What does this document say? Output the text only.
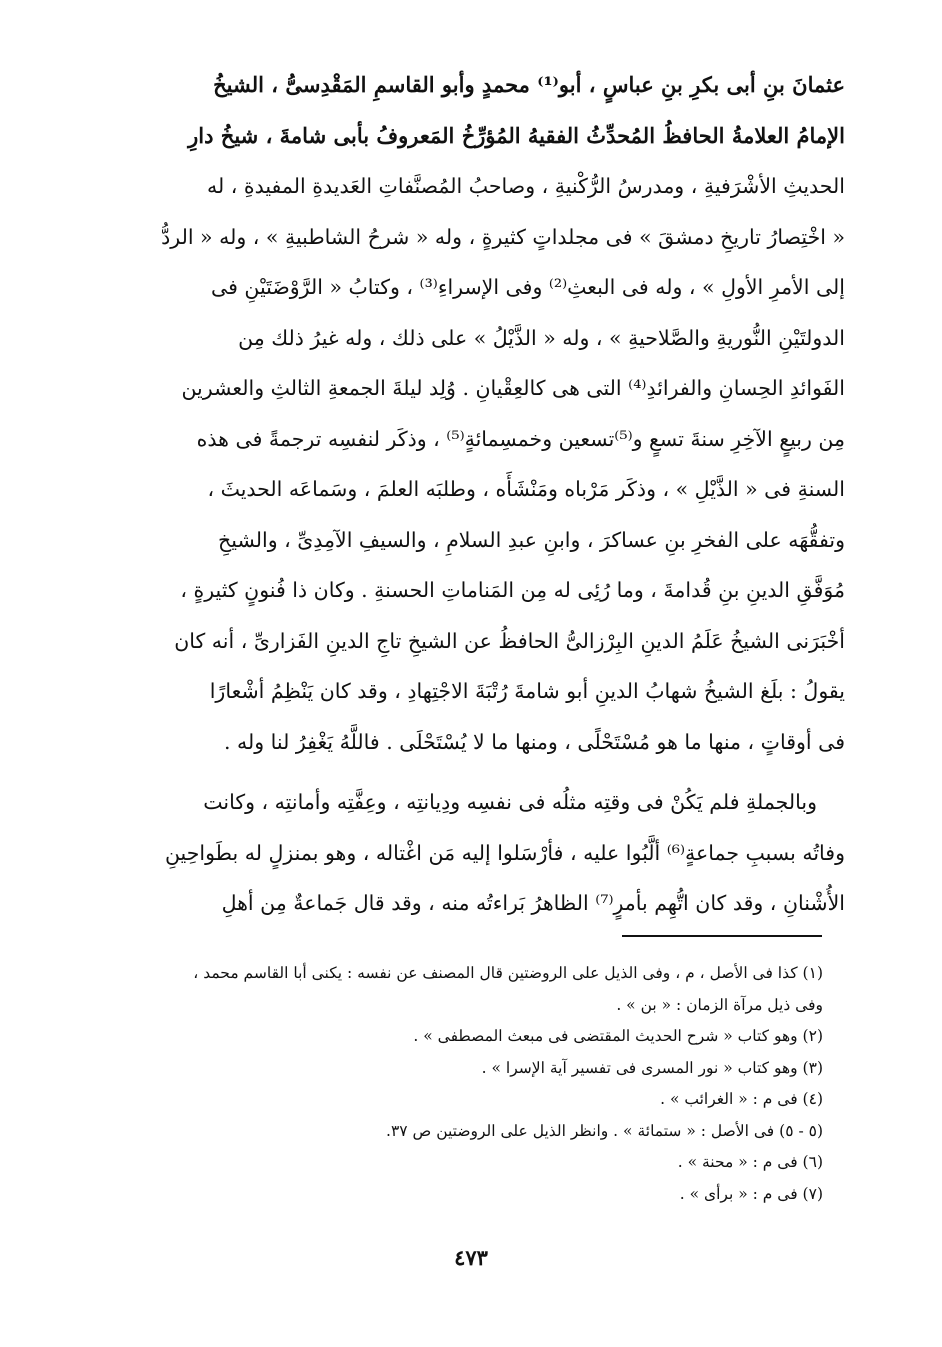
عثمانَ بنِ أبى بكرِ بنِ عباسٍ ، أبو⁽¹⁾ محمدٍ وأبو القاسمِ المَقْدِسىُّ ، الشيخُ
الإمامُ العلامةُ الحافظُ المُحدِّثُ الفقيهُ المُؤرِّخُ المَعروفُ بأبى شامةَ ، شيخُ دارِ
الحديثِ الأشْرَفيةِ ، ومدرسُ الرُّكْنيةِ ، وصاحبُ المُصنَّفاتِ العَديدةِ المفيدةِ ، له
« اخْتِصارُ تاريخِ دمشقَ » فى مجلداتٍ كثيرةٍ ، وله « شرحُ الشاطبيةِ » ، وله « الردُّ
إلى الأمرِ الأولِ » ، وله فى البعثِ⁽²⁾ وفى الإسراءِ⁽³⁾ ، وكتابُ « الرَّوْضَتَيْنِ فى
الدولتَيْنِ النُّوريةِ والصَّلاحيةِ » ، وله « الذَّيْلُ » على ذلك ، وله غيرُ ذلك مِن
الفَوائدِ الحِسانِ والفرائدِ⁽⁴⁾ التى هى كالعِقْيانِ . وُلِد ليلةَ الجمعةِ الثالثِ والعشرين
مِن ربيعٍ الآخِرِ سنةَ تسعٍ و⁽⁵⁾تسعين وخمسِمائةٍ⁽⁵⁾ ، وذكَر لنفسِه ترجمةً فى هذه
السنةِ فى « الذَّيْلِ » ، وذكَر مَرْباه ومَنْشَأَه ، وطلبَه العلمَ ، وسَماعَه الحديثَ ،
وتفقُّهَه على الفخرِ بنِ عساكرَ ، وابنِ عبدِ السلامِ ، والسيفِ الآمِدِىِّ ، والشيخِ
مُوَفَّقِ الدينِ بنِ قُدامةَ ، وما رُئِى له مِن المَناماتِ الحسنةِ . وكان ذا فُنونٍ كثيرةٍ ،
أخْبَرَنى الشيخُ عَلَمُ الدينِ البِرْزالىُّ الحافظُ عن الشيخِ تاجِ الدينِ الفَزارىِّ ، أنه كان
يقولُ : بلَغ الشيخُ شهابُ الدينِ أبو شامةَ رُتْبَةَ الاجْتِهادِ ، وقد كان يَنْظِمُ أشْعارًا
فى أوقاتٍ ، منها ما هو مُسْتَحْلًى ، ومنها ما لا يُسْتَحْلَى . فاللَّهُ يَغْفِرُ لنا وله .
وبالجملةِ فلم يَكُنْ فى وقتِه مثلُه فى نفسِه ودِيانتِه ، وعِفَّتِه وأمانتِه ، وكانت
وفاتُه بسببِ جماعةٍ⁽⁶⁾ ألَّبُوا عليه ، فأرْسَلوا إليه مَن اغْتاله ، وهو بمنزلٍ له بطَواحِينِ
الأُشْنانِ ، وقد كان اتُّهِم بأمرٍ⁽⁷⁾ الظاهرُ بَراءتُه منه ، وقد قال جَماعةٌ مِن أهلِ
(١) كذا فى الأصل ، م ، وفى الذيل على الروضتين قال المصنف عن نفسه : يكنى أبا القاسم محمد ،
وفى ذيل مرآة الزمان : « بن » .
(٢) وهو كتاب « شرح الحديث المقتضى فى مبعث المصطفى » .
(٣) وهو كتاب « نور المسرى فى تفسير آية الإسرا » .
(٤) فى م : « الغرائب » .
(٥ - ٥) فى الأصل : « ستمائة » . وانظر الذيل على الروضتين ص ٣٧.
(٦) فى م : « محنة » .
(٧) فى م : « برأى » .
٤٧٣
